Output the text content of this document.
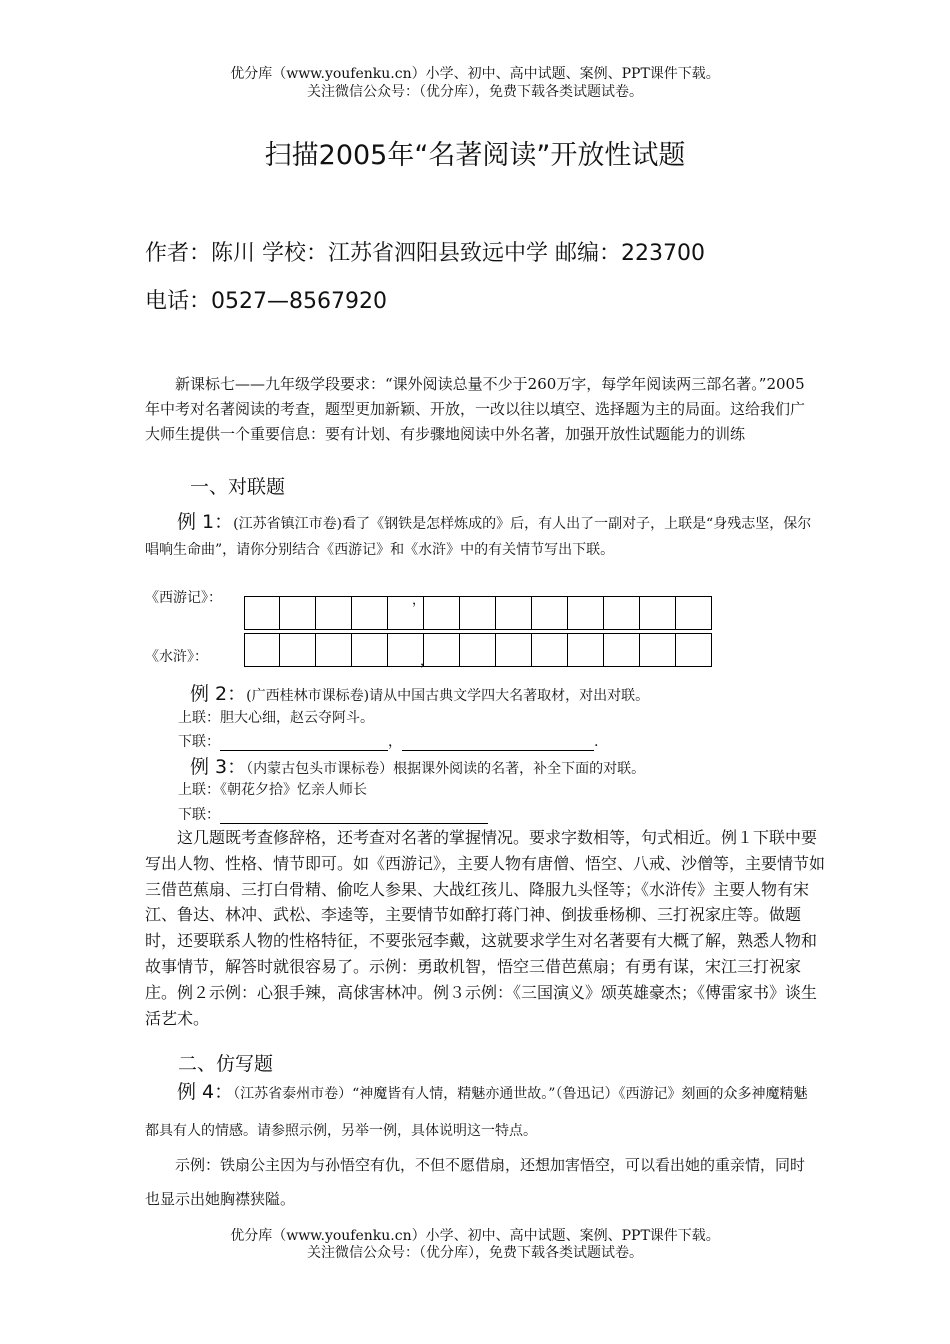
优分库（www.youfenku.cn）小学、初中、高中试题、案例、PPT课件下载。
关注微信公众号：（优分库），免费下载各类试题试卷。
扫描2005年“名著阅读”开放性试题
作者：陈川 学校：江苏省泗阳县致远中学 邮编：223700
电话：0527—8567920
新课标七——九年级学段要求：“课外阅读总量不少于260万字，每学年阅读两三部名著。”2005年中考对名著阅读的考查，题型更加新颖、开放，一改以往以填空、选择题为主的局面。这给我们广大师生提供一个重要信息：要有计划、有步骤地阅读中外名著，加强开放性试题能力的训练
一、对联题
例 1：(江苏省镇江市卷)看了《钢铁是怎样炼成的》后，有人出了一副对子，上联是“身残志坚，保尔唱响生命曲”，请你分别结合《西游记》和《水浒》中的有关情节写出下联。
《西游记》：	，
《水浒》：	，
例 2：(广西桂林市课标卷)请从中国古典文学四大名著取材，对出对联。
上联：胆大心细，赵云夺阿斗。
下联：	，	.
例 3：（内蒙古包头市课标卷）根据课外阅读的名著，补全下面的对联。
上联：《朝花夕拾》忆亲人师长
下联：
这几题既考查修辞格，还考查对名著的掌握情况。要求字数相等，句式相近。例１下联中要写出人物、性格、情节即可。如《西游记》，主要人物有唐僧、悟空、八戒、沙僧等，主要情节如三借芭蕉扇、三打白骨精、偷吃人参果、大战红孩儿、降服九头怪等；《水浒传》主要人物有宋江、鲁达、林冲、武松、李逵等，主要情节如醉打蒋门神、倒拔垂杨柳、三打祝家庄等。做题时，还要联系人物的性格特征，不要张冠李戴，这就要求学生对名著要有大概了解，熟悉人物和故事情节，解答时就很容易了。示例：勇敢机智，悟空三借芭蕉扇；有勇有谋，宋江三打祝家庄。例２示例：心狠手辣，高俅害林冲。例３示例：《三国演义》颂英雄豪杰；《傅雷家书》谈生活艺术。
二、仿写题
例 4：（江苏省泰州市卷）“神魔皆有人情，精魅亦通世故。”（鲁迅记）《西游记》刻画的众多神魔精魅都具有人的情感。请参照示例，另举一例，具体说明这一特点。
示例：铁扇公主因为与孙悟空有仇，不但不愿借扇，还想加害悟空，可以看出她的重亲情，同时也显示出她胸襟狭隘。
优分库（www.youfenku.cn）小学、初中、高中试题、案例、PPT课件下载。
关注微信公众号：（优分库），免费下载各类试题试卷。
